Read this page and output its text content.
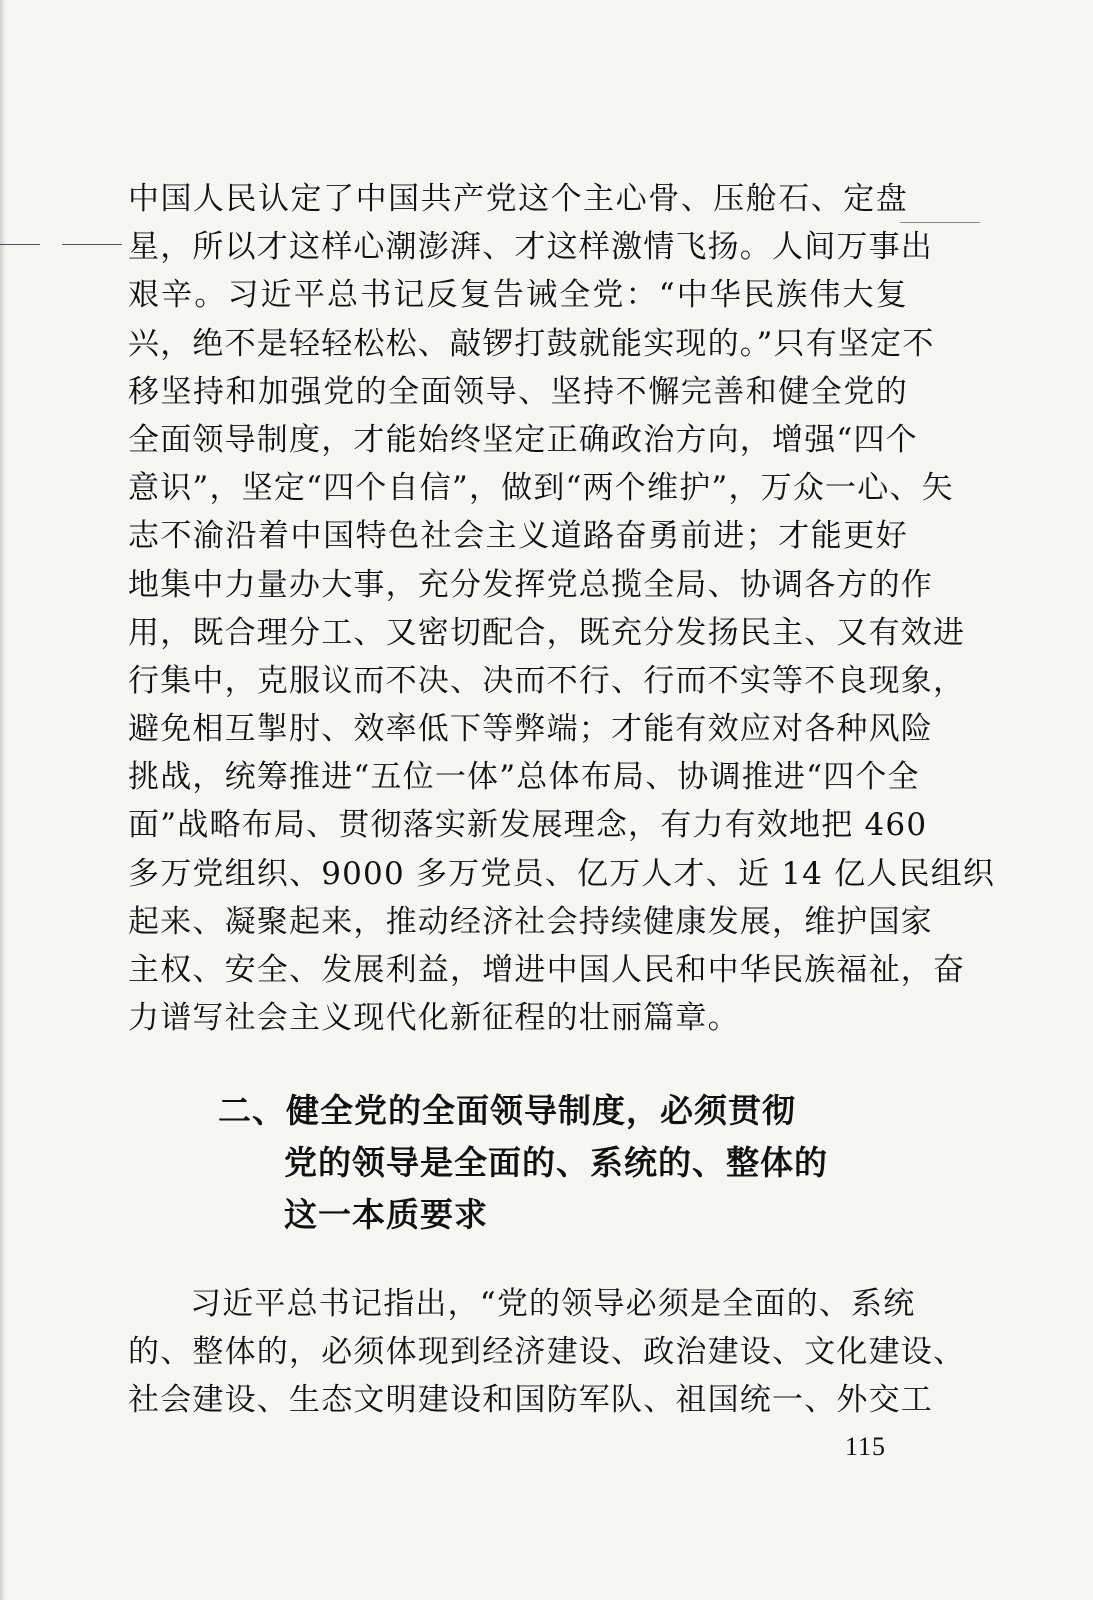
中国人民认定了中国共产党这个主心骨、压舱石、定盘
星，所以才这样心潮澎湃、才这样激情飞扬。人间万事出
艰辛。习近平总书记反复告诫全党：“中华民族伟大复
兴，绝不是轻轻松松、敲锣打鼓就能实现的。”只有坚定不
移坚持和加强党的全面领导、坚持不懈完善和健全党的
全面领导制度，才能始终坚定正确政治方向，增强“四个
意识”，坚定“四个自信”，做到“两个维护”，万众一心、矢
志不渝沿着中国特色社会主义道路奋勇前进；才能更好
地集中力量办大事，充分发挥党总揽全局、协调各方的作
用，既合理分工、又密切配合，既充分发扬民主、又有效进
行集中，克服议而不决、决而不行、行而不实等不良现象，
避免相互掣肘、效率低下等弊端；才能有效应对各种风险
挑战，统筹推进“五位一体”总体布局、协调推进“四个全
面”战略布局、贯彻落实新发展理念，有力有效地把 460
多万党组织、9000 多万党员、亿万人才、近 14 亿人民组织
起来、凝聚起来，推动经济社会持续健康发展，维护国家
主权、安全、发展利益，增进中国人民和中华民族福祉，奋
力谱写社会主义现代化新征程的壮丽篇章。
二、健全党的全面领导制度，必须贯彻
党的领导是全面的、系统的、整体的
这一本质要求
习近平总书记指出，“党的领导必须是全面的、系统
的、整体的，必须体现到经济建设、政治建设、文化建设、
社会建设、生态文明建设和国防军队、祖国统一、外交工
115
